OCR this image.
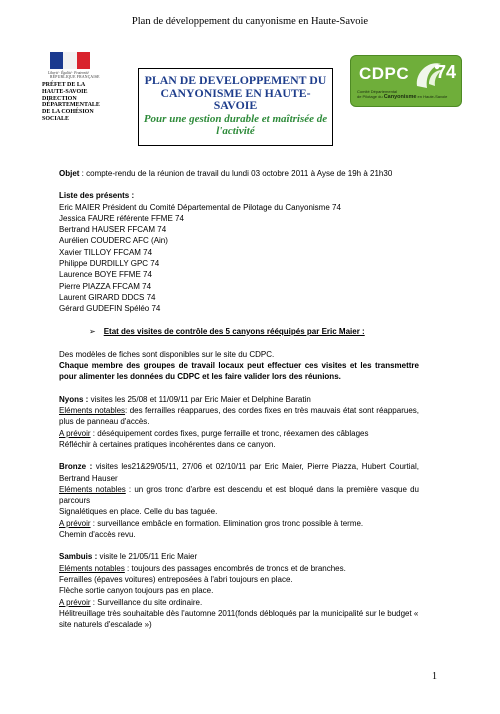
Plan de développement du canyonisme en Haute-Savoie
Liberté · Égalité · Fraternité
RÉPUBLIQUE FRANÇAISE
PRÉFET DE LA
HAUTE-SAVOIE
DIRECTION
DÉPARTEMENTALE
DE LA COHÉSION
SOCIALE
PLAN DE DEVELOPPEMENT DU CANYONISME EN HAUTE-SAVOIE
Pour une gestion durable et maîtrisée de l'activité
CDPC 74
Comité Départemental
de Pilotage du Canyonisme en Haute-Savoie
Objet : compte-rendu de la réunion de travail du lundi 03 octobre 2011 à Ayse de 19h à 21h30
Liste des présents :
Eric MAIER Président du Comité Départemental de Pilotage du Canyonisme 74
Jessica FAURE référente FFME 74
Bertrand HAUSER FFCAM 74
Aurélien COUDERC AFC (Ain)
Xavier TILLOY FFCAM 74
Philippe DURDILLY GPC 74
Laurence BOYE FFME 74
Pierre PIAZZA FFCAM 74
Laurent GIRARD DDCS 74
Gérard GUDEFIN Spéléo 74
➢ Etat des visites de contrôle des 5 canyons rééquipés par Eric Maier :
Des modèles de fiches sont disponibles sur le site du CDPC.
Chaque membre des groupes de travail locaux peut effectuer ces visites et les transmettre pour alimenter les données du CDPC et les faire valider lors des réunions.
Nyons : visites les 25/08 et 11/09/11 par Eric Maier et Delphine Baratin
Eléments notables: des ferrailles réapparues, des cordes fixes en très mauvais état sont réapparues, plus de panneau d'accès.
A prévoir : déséquipement cordes fixes, purge ferraille et tronc, réexamen des câblages
Réfléchir à certaines pratiques incohérentes dans ce canyon.
Bronze : visites les21&29/05/11, 27/06 et 02/10/11 par Eric Maier, Pierre Piazza, Hubert Courtial, Bertrand Hauser
Eléments notables : un gros tronc d'arbre est descendu et est bloqué dans la première vasque du parcours
Signalétiques en place. Celle du bas taguée.
A prévoir : surveillance embâcle en formation. Elimination gros tronc possible à terme.
Chemin d'accès revu.
Sambuis : visite le 21/05/11 Eric Maier
Eléments notables : toujours des passages encombrés de troncs et de branches.
Ferrailles (épaves voitures) entreposées à l'abri toujours en place.
Flèche sortie canyon toujours pas en place.
A prévoir : Surveillance du site ordinaire.
Hélitreuillage très souhaitable dès l'automne 2011(fonds débloqués par la municipalité sur le budget « site naturels d'escalade »)
1
